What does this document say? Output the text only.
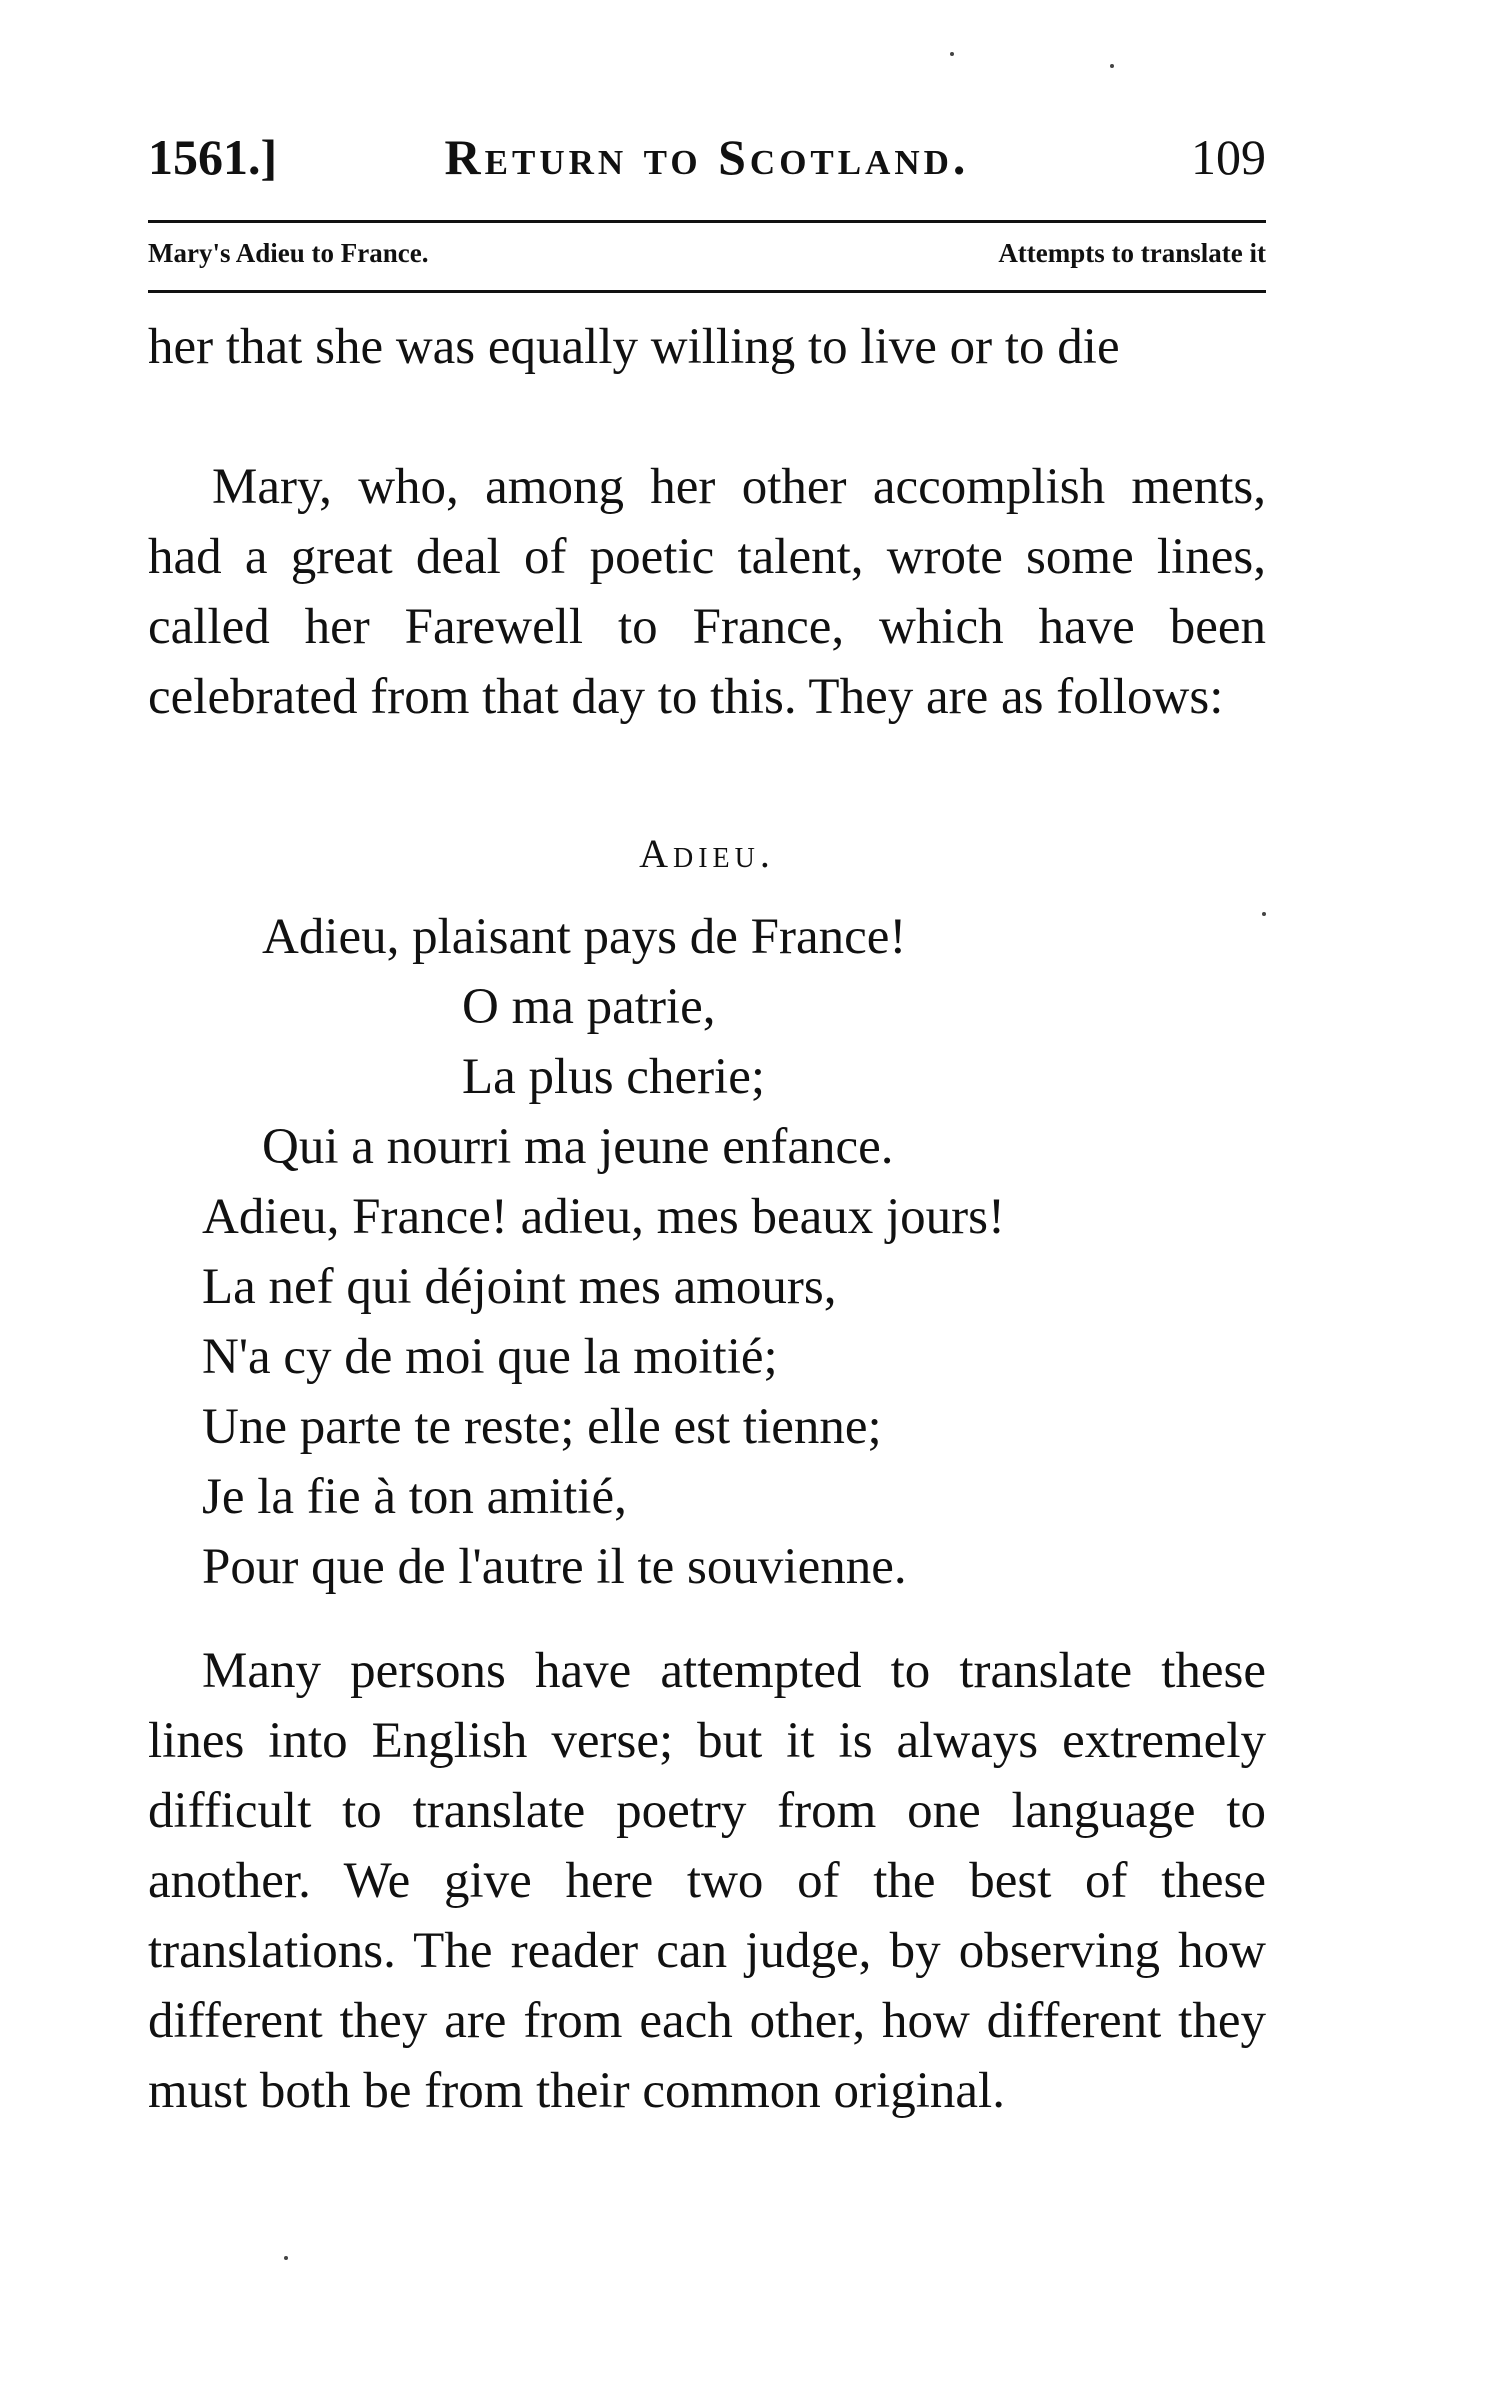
1561.]	Return to Scotland.	109
Mary's Adieu to France.	Attempts to translate it

her that she was equally willing to live or to die

Mary, who, among her other accomplish ments, had a great deal of poetic talent, wrote some lines, called her Farewell to France, which have been celebrated from that day to this. They are as follows:

Adieu.
Adieu, plaisant pays de France!
O ma patrie,
La plus cherie;
Qui a nourri ma jeune enfance.
Adieu, France! adieu, mes beaux jours!
La nef qui déjoint mes amours,
N'a cy de moi que la moitié;
Une parte te reste; elle est tienne;
Je la fie à ton amitié,
Pour que de l'autre il te souvienne.

Many persons have attempted to translate these lines into English verse; but it is always extremely difficult to translate poetry from one language to another. We give here two of the best of these translations. The reader can judge, by observing how different they are from each other, how different they must both be from their common original.
